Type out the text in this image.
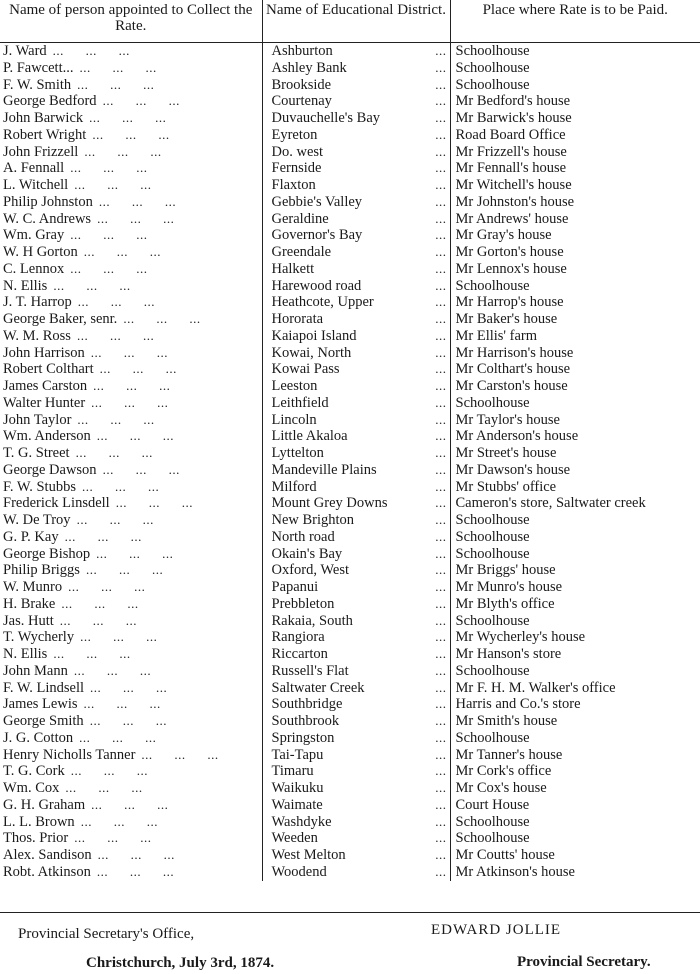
Name of person appointed to Collect the Rate.	Name of Educational District.	Place where Rate is to be Paid.

J. Ward ... ... ...	Ashburton ...	Schoolhouse

P. Fawcett... ... ... ...	Ashley Bank ...	Schoolhouse

F. W. Smith ... ... ...	Brookside ...	Schoolhouse

George Bedford ... ... ...	Courtenay ...	Mr Bedford's house

John Barwick ... ... ...	Duvauchelle's Bay ...	Mr Barwick's house

Robert Wright ... ... ...	Eyreton ...	Road Board Office

John Frizzell ... ... ...	Do. west ...	Mr Frizzell's house

A. Fennall ... ... ...	Fernside ...	Mr Fennall's house

L. Witchell ... ... ...	Flaxton ...	Mr Witchell's house

Philip Johnston ... ... ...	Gebbie's Valley ...	Mr Johnston's house

W. C. Andrews ... ... ...	Geraldine ...	Mr Andrews' house

Wm. Gray ... ... ...	Governor's Bay ...	Mr Gray's house

W. H Gorton ... ... ...	Greendale ...	Mr Gorton's house

C. Lennox ... ... ...	Halkett ...	Mr Lennox's house

N. Ellis ... ... ...	Harewood road ...	Schoolhouse

J. T. Harrop ... ... ...	Heathcote, Upper ...	Mr Harrop's house

George Baker, senr. ... ... ...	Hororata ...	Mr Baker's house

W. M. Ross ... ... ...	Kaiapoi Island ...	Mr Ellis' farm

John Harrison ... ... ...	Kowai, North ...	Mr Harrison's house

Robert Colthart ... ... ...	Kowai Pass ...	Mr Colthart's house

James Carston ... ... ...	Leeston ...	Mr Carston's house

Walter Hunter ... ... ...	Leithfield ...	Schoolhouse

John Taylor ... ... ...	Lincoln ...	Mr Taylor's house

Wm. Anderson ... ... ...	Little Akaloa ...	Mr Anderson's house

T. G. Street ... ... ...	Lyttelton ...	Mr Street's house

George Dawson ... ... ...	Mandeville Plains ...	Mr Dawson's house

F. W. Stubbs ... ... ...	Milford ...	Mr Stubbs' office

Frederick Linsdell ... ... ...	Mount Grey Downs ...	Cameron's store, Saltwater creek

W. De Troy ... ... ...	New Brighton ...	Schoolhouse

G. P. Kay ... ... ...	North road ...	Schoolhouse

George Bishop ... ... ...	Okain's Bay ...	Schoolhouse

Philip Briggs ... ... ...	Oxford, West ...	Mr Briggs' house

W. Munro ... ... ...	Papanui ...	Mr Munro's house

H. Brake ... ... ...	Prebbleton ...	Mr Blyth's office

Jas. Hutt ... ... ...	Rakaia, South ...	Schoolhouse

T. Wycherly ... ... ...	Rangiora ...	Mr Wycherley's house

N. Ellis ... ... ...	Riccarton ...	Mr Hanson's store

John Mann ... ... ...	Russell's Flat ...	Schoolhouse

F. W. Lindsell ... ... ...	Saltwater Creek ...	Mr F. H. M. Walker's office

James Lewis ... ... ...	Southbridge ...	Harris and Co.'s store

George Smith ... ... ...	Southbrook ...	Mr Smith's house

J. G. Cotton ... ... ...	Springston ...	Schoolhouse

Henry Nicholls Tanner ... ... ...	Tai-Tapu ...	Mr Tanner's house

T. G. Cork ... ... ...	Timaru ...	Mr Cork's office

Wm. Cox ... ... ...	Waikuku ...	Mr Cox's house

G. H. Graham ... ... ...	Waimate ...	Court House

L. L. Brown ... ... ...	Washdyke ...	Schoolhouse

Thos. Prior ... ... ...	Weeden ...	Schoolhouse

Alex. Sandison ... ... ...	West Melton ...	Mr Coutts' house

Robt. Atkinson ... ... ...	Woodend ...	Mr Atkinson's house
Provincial Secretary's Office,
Christchurch, July 3rd, 1874.
EDWARD JOLLIE
Provincial Secretary.
